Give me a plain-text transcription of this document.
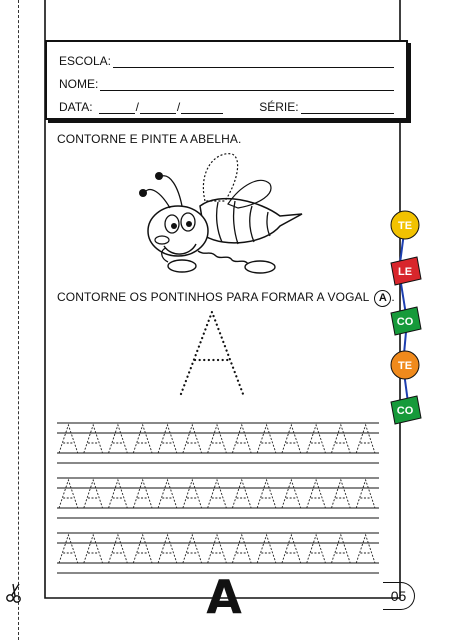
ESCOLA:
NOME:
DATA:	/	/	SÉRIE:
CONTORNE E PINTE A ABELHA.
CONTORNE OS PONTINHOS PARA FORMAR A VOGAL A .
TE
LE
CO
TE
CO
A	05
